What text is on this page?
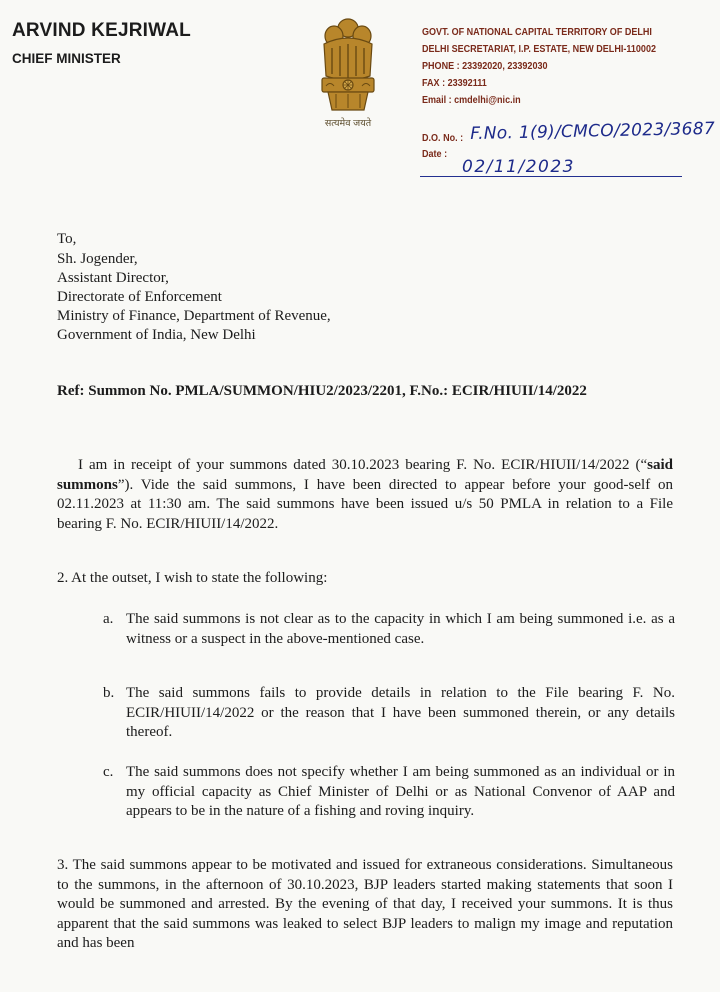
ARVIND KEJRIWAL
CHIEF MINISTER
सत्यमेव जयते
GOVT. OF NATIONAL CAPITAL TERRITORY OF DELHI
DELHI SECRETARIAT, I.P. ESTATE, NEW DELHI-110002
PHONE : 23392020, 23392030
FAX : 23392111
Email : cmdelhi@nic.in
D.O. No. :
Date :
F.No. 1(9)/CMCO/2023/3687
02/11/2023
To,
Sh. Jogender,
Assistant Director,
Directorate of Enforcement
Ministry of Finance, Department of Revenue,
Government of India, New Delhi
Ref: Summon No. PMLA/SUMMON/HIU2/2023/2201, F.No.: ECIR/HIUII/14/2022
I am in receipt of your summons dated 30.10.2023 bearing F. No. ECIR/HIUII/14/2022 (“said summons”). Vide the said summons, I have been directed to appear before your good-self on 02.11.2023 at 11:30 am. The said summons have been issued u/s 50 PMLA in relation to a File bearing F. No. ECIR/HIUII/14/2022.
2. At the outset, I wish to state the following:
a. The said summons is not clear as to the capacity in which I am being summoned i.e. as a witness or a suspect in the above-mentioned case.
b. The said summons fails to provide details in relation to the File bearing F. No. ECIR/HIUII/14/2022 or the reason that I have been summoned therein, or any details thereof.
c. The said summons does not specify whether I am being summoned as an individual or in my official capacity as Chief Minister of Delhi or as National Convenor of AAP and appears to be in the nature of a fishing and roving inquiry.
3. The said summons appear to be motivated and issued for extraneous considerations. Simultaneous to the summons, in the afternoon of 30.10.2023, BJP leaders started making statements that soon I would be summoned and arrested. By the evening of that day, I received your summons. It is thus apparent that the said summons was leaked to select BJP leaders to malign my image and reputation and has been
